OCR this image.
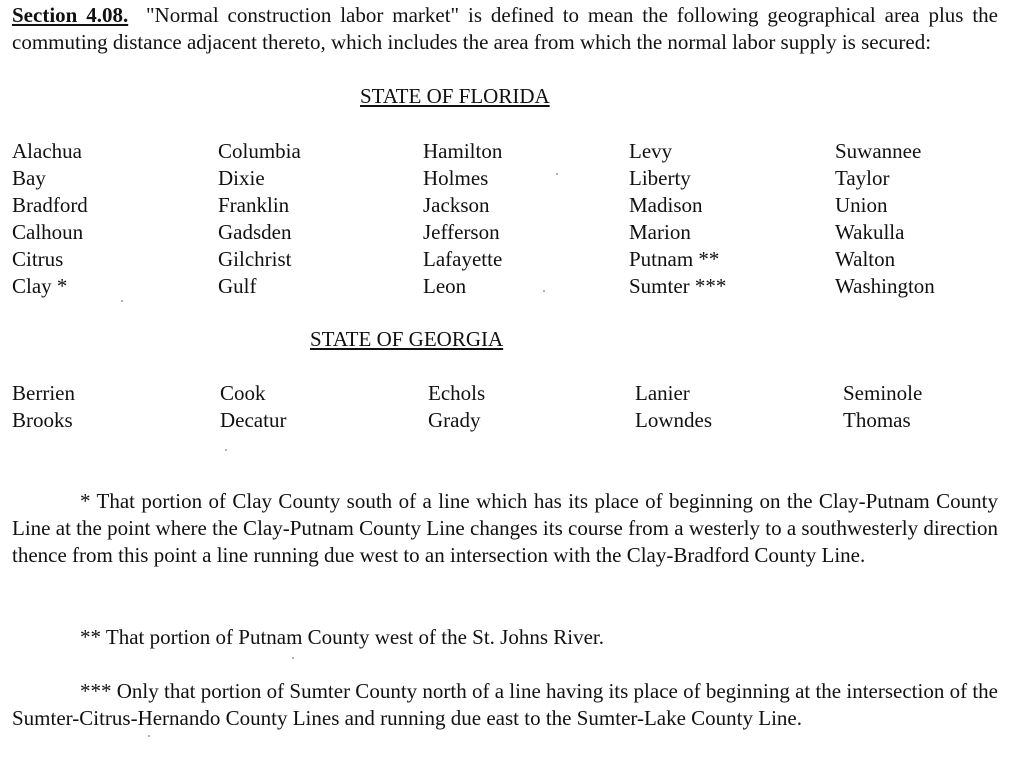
Section 4.08. "Normal construction labor market" is defined to mean the following geographical area plus the commuting distance adjacent thereto, which includes the area from which the normal labor supply is secured:

STATE OF FLORIDA

Alachua
Bay
Bradford
Calhoun
Citrus
Clay *
Columbia
Dixie
Franklin
Gadsden
Gilchrist
Gulf
Hamilton
Holmes
Jackson
Jefferson
Lafayette
Leon
Levy
Liberty
Madison
Marion
Putnam **
Sumter ***
Suwannee
Taylor
Union
Wakulla
Walton
Washington

STATE OF GEORGIA

Berrien
Brooks
Cook
Decatur
Echols
Grady
Lanier
Lowndes
Seminole
Thomas

* That portion of Clay County south of a line which has its place of beginning on the Clay-Putnam County Line at the point where the Clay-Putnam County Line changes its course from a westerly to a southwesterly direction thence from this point a line running due west to an intersection with the Clay-Bradford County Line.

** That portion of Putnam County west of the St. Johns River.

*** Only that portion of Sumter County north of a line having its place of beginning at the intersection of the Sumter-Citrus-Hernando County Lines and running due east to the Sumter-Lake County Line.
